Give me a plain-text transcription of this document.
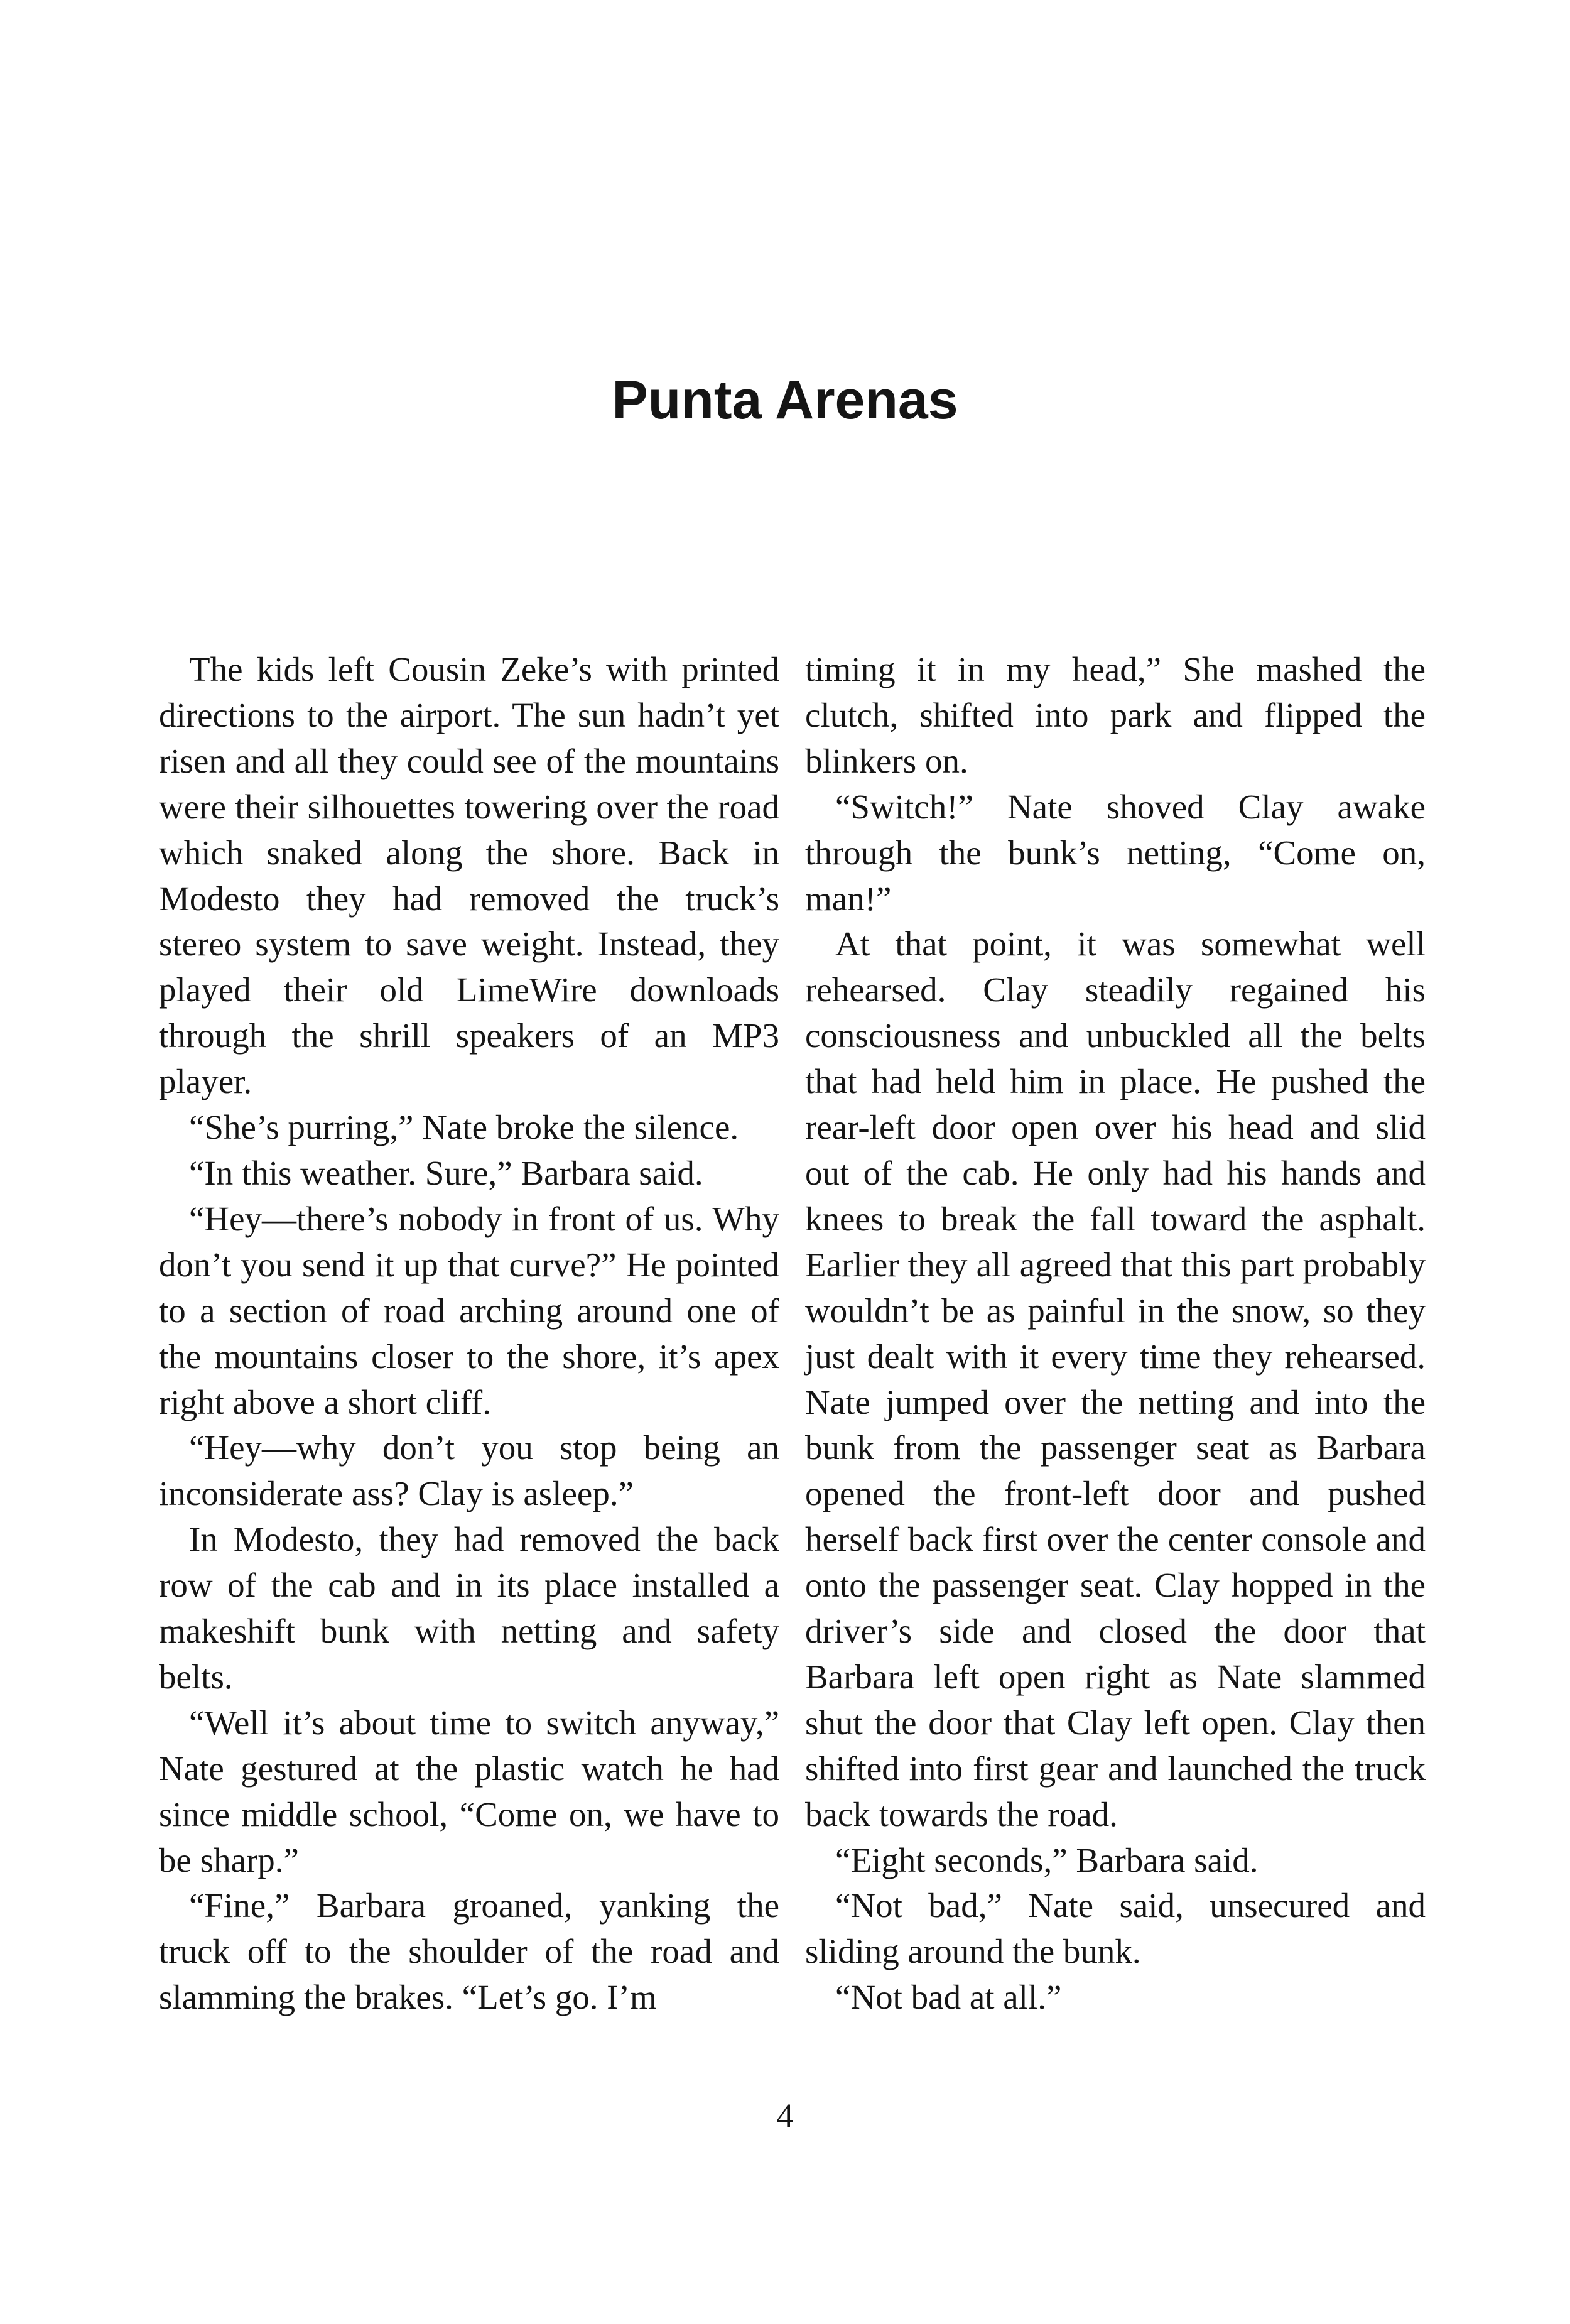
Punta Arenas

The kids left Cousin Zeke’s with printed directions to the airport. The sun hadn’t yet risen and all they could see of the mountains were their silhouettes towering over the road which snaked along the shore. Back in Modesto they had removed the truck’s stereo system to save weight. Instead, they played their old LimeWire downloads through the shrill speakers of an MP3 player.

“She’s purring,” Nate broke the silence.

“In this weather. Sure,” Barbara said.

“Hey—there’s nobody in front of us. Why don’t you send it up that curve?” He pointed to a section of road arching around one of the mountains closer to the shore, it’s apex right above a short cliff.

“Hey—why don’t you stop being an inconsiderate ass? Clay is asleep.”

In Modesto, they had removed the back row of the cab and in its place installed a makeshift bunk with netting and safety belts.

“Well it’s about time to switch anyway,” Nate gestured at the plastic watch he had since middle school, “Come on, we have to be sharp.”

“Fine,” Barbara groaned, yanking the truck off to the shoulder of the road and slamming the brakes. “Let’s go. I’m

timing it in my head,” She mashed the clutch, shifted into park and flipped the blinkers on.

“Switch!” Nate shoved Clay awake through the bunk’s netting, “Come on, man!”

At that point, it was somewhat well rehearsed. Clay steadily regained his consciousness and unbuckled all the belts that had held him in place. He pushed the rear-left door open over his head and slid out of the cab. He only had his hands and knees to break the fall toward the asphalt. Earlier they all agreed that this part probably wouldn’t be as painful in the snow, so they just dealt with it every time they rehearsed. Nate jumped over the netting and into the bunk from the passenger seat as Barbara opened the front-left door and pushed herself back first over the center console and onto the passenger seat. Clay hopped in the driver’s side and closed the door that Barbara left open right as Nate slammed shut the door that Clay left open. Clay then shifted into first gear and launched the truck back towards the road.

“Eight seconds,” Barbara said.

“Not bad,” Nate said, unsecured and sliding around the bunk.

“Not bad at all.”

4
